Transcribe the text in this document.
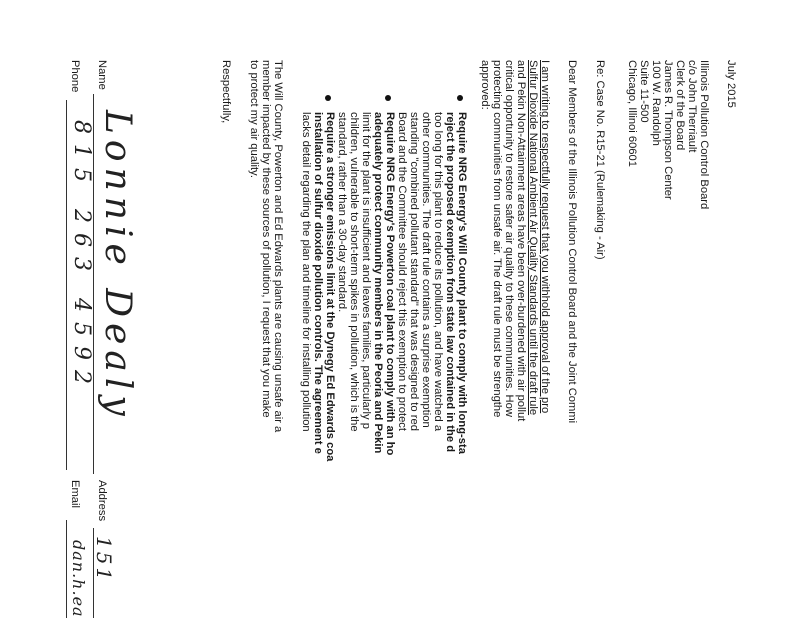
July 2015
Illinois Pollution Control Board
c/o John Therriault
Clerk of the Board
James R. Thompson Center
100 W. Randolph
Suite 11-500
Chicago, Illinoi 60601
Re: Case No. R15-21 (Rulemaking - Air)
Dear Members of the Illinois Pollution Control Board and the Joint Commi
I am writing to respectfully request that you withhold approval of the pro
Sulfur Dioxide National Ambient Air Quality Standards until the draft rule
and Pekin Non-Attainment areas have been over-burdened with air pollut
critical opportunity to restore safer air quality to these communities. How
protecting communities from unsafe air. The draft rule must be strengthe
approved:
Require NRG Energy's Will County plant to comply with long-sta
reject the proposed exemption from state law contained in the d
too long for this plant to reduce its pollution, and have watched a
other communities. The draft rule contains a surprise exemption
standing "combined pollutant standard" that was designed to red
Board and the Committee should reject this exemption to protect
Require NRG Energy's Powerton coal plant to comply with an ho
adequately protect community members in the Peoria and Pekin
limit for the plant is insufficient and leaves families, particularly p
children, vulnerable to short-term spikes in pollution, which is the
standard, rather than a 30-day standard.
Require a stronger emissions limit at the Dynegy Ed Edwards coa
installation of sulfur dioxide pollution controls. The agreement e
lacks detail regarding the plan and timeline for installing pollution
The Will County, Powerton and Ed Edwards plants are causing unsafe air a
member impacted by these sources of pollution, I request that you make
to protect my air quality.
Respectfully,
Name
Lonnie Dealy
Address
151
Phone
815 263 4592
Email
dan.h.ea
